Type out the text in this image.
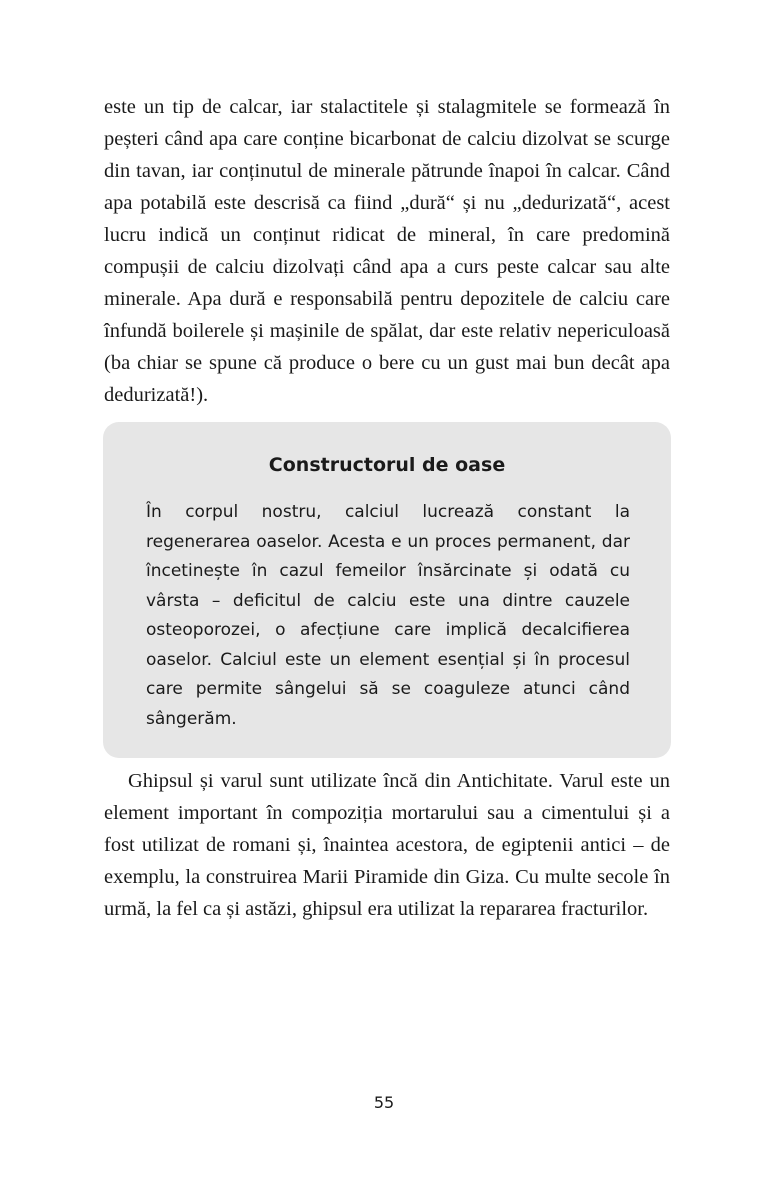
este un tip de calcar, iar stalactitele și stalagmitele se formează în peșteri când apa care conține bicarbonat de calciu dizolvat se scurge din tavan, iar conținutul de minerale pătrunde înapoi în calcar. Când apa potabilă este descrisă ca fiind „dură“ și nu „dedurizată“, acest lucru indică un conținut ridicat de mineral, în care predomină compușii de calciu dizolvați când apa a curs peste calcar sau alte minerale. Apa dură e responsabilă pentru depozitele de calciu care înfundă boilerele și mașinile de spălat, dar este relativ nepericuloasă (ba chiar se spune că produce o bere cu un gust mai bun decât apa dedurizată!).

Constructorul de oase

În corpul nostru, calciul lucrează constant la regenerarea oaselor. Acesta e un proces permanent, dar încetinește în cazul femeilor însărcinate și odată cu vârsta – deficitul de calciu este una dintre cauzele osteoporozei, o afecțiune care implică decalcifierea oaselor. Calciul este un element esențial și în procesul care permite sângelui să se coaguleze atunci când sângerăm.

Ghipsul și varul sunt utilizate încă din Antichitate. Varul este un element important în compoziția mortarului sau a cimentului și a fost utilizat de romani și, înaintea acestora, de egiptenii antici – de exemplu, la construirea Marii Piramide din Giza. Cu multe secole în urmă, la fel ca și astăzi, ghipsul era utilizat la repararea fracturilor.

55
